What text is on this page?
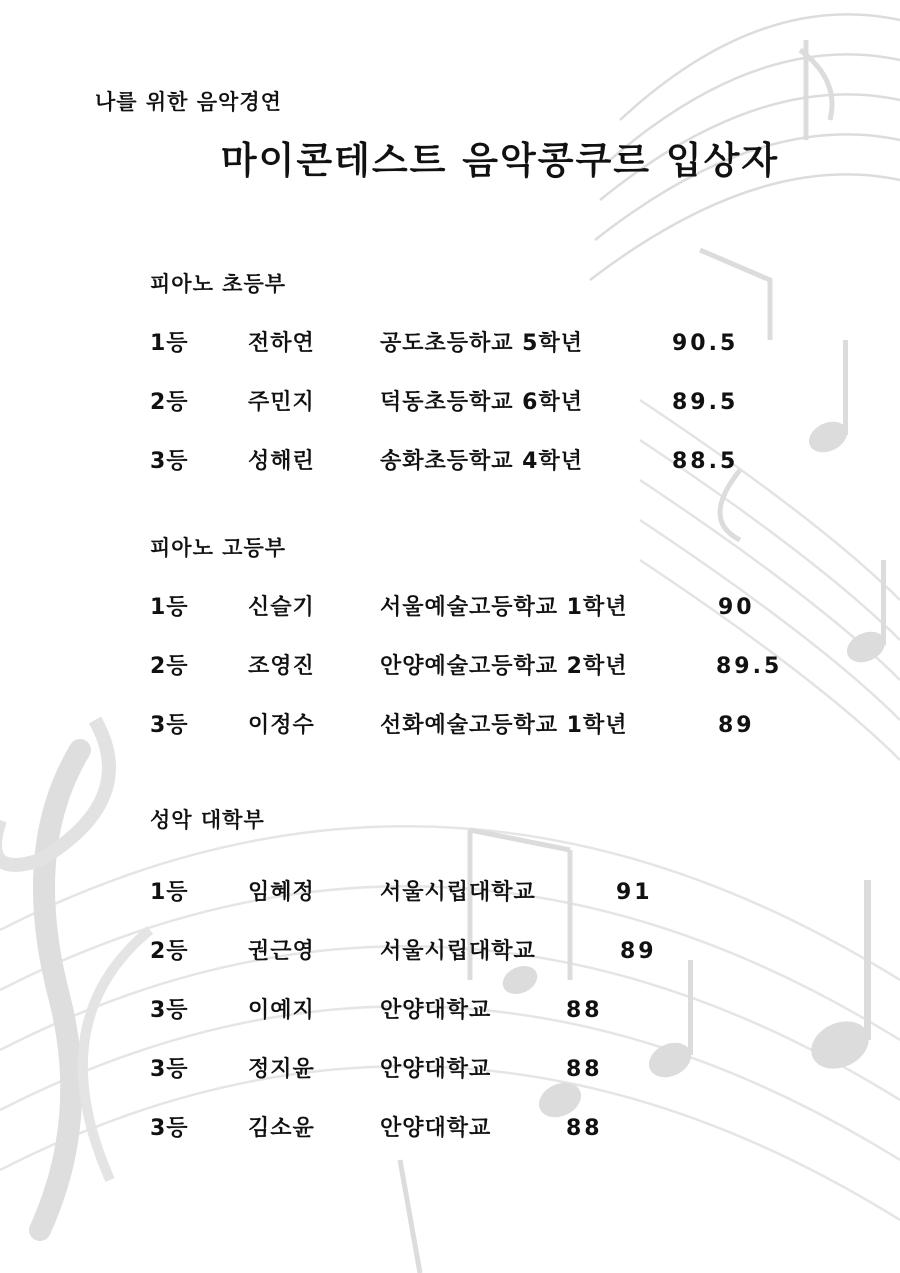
나를 위한 음악경연
마이콘테스트 음악콩쿠르 입상자
피아노 초등부
1등	전하연	공도초등하교 5학년	90.5
2등	주민지	덕동초등학교 6학년	89.5
3등	성해린	송화초등학교 4학년	88.5
피아노 고등부
1등	신슬기	서울예술고등학교 1학년	90
2등	조영진	안양예술고등학교 2학년	89.5
3등	이정수	선화예술고등학교 1학년	89
성악 대학부
1등	임혜정	서울시립대학교	91
2등	권근영	서울시립대학교	89
3등	이예지	안양대학교	88
3등	정지윤	안양대학교	88
3등	김소윤	안양대학교	88
